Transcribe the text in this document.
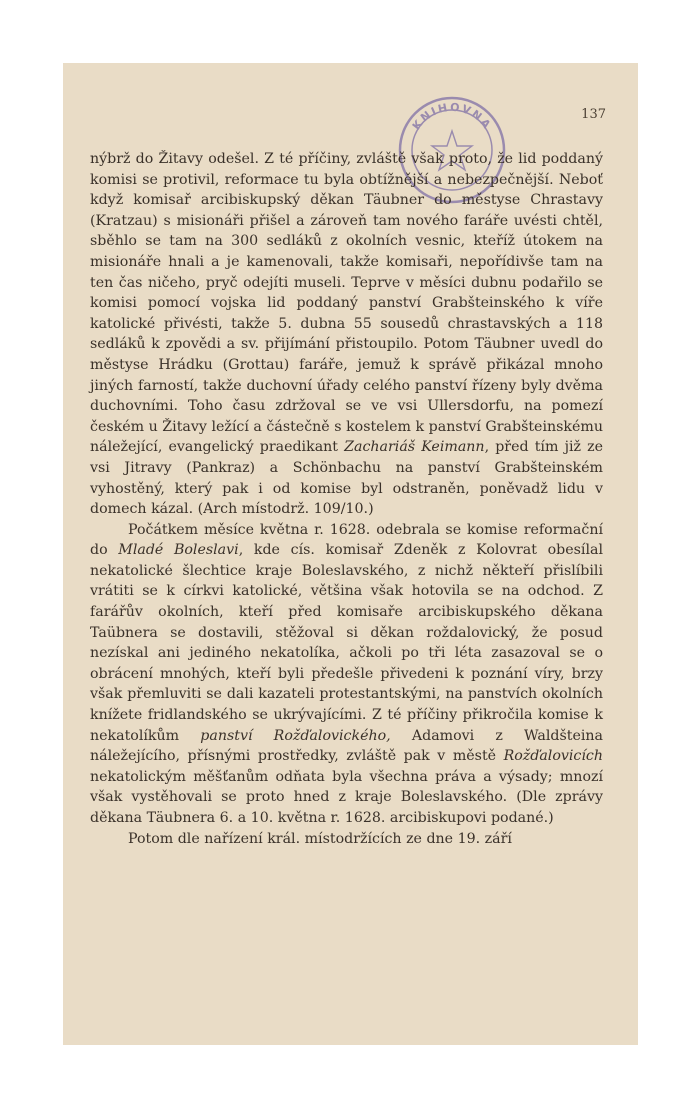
137
KNIHOVNA

nýbrž do Žitavy odešel. Z té příčiny, zvláště však proto, že lid poddaný komisi se protivil, reformace tu byla obtížnější a nebezpečnější. Neboť když komisař arcibiskupský děkan Täubner do městyse Chrastavy (Kratzau) s misionáři přišel a zároveň tam nového faráře uvésti chtěl, sběhlo se tam na 300 sedláků z okolních vesnic, kteříž útokem na misionáře hnali a je kamenovali, takže komisaři, nepořídivše tam na ten čas ničeho, pryč odejíti museli. Teprve v měsíci dubnu podařilo se komisi pomocí vojska lid poddaný panství Grabšteinského k víře katolické přivésti, takže 5. dubna 55 sousedů chrastavských a 118 sedláků k zpovědi a sv. přijímání přistoupilo. Potom Täubner uvedl do městyse Hrádku (Grottau) faráře, jemuž k správě přikázal mnoho jiných farností, takže duchovní úřady celého panství řízeny byly dvěma duchovními. Toho času zdržoval se ve vsi Ullersdorfu, na pomezí českém u Žitavy ležící a částečně s kostelem k panství Grabšteinskému náležející, evangelický praedikant Zachariáš Keimann, před tím již ze vsi Jitravy (Pankraz) a Schönbachu na panství Grabšteinském vyhostěný, který pak i od komise byl odstraněn, poněvadž lidu v domech kázal. (Arch místodrž. 109/10.)

Počátkem měsíce května r. 1628. odebrala se komise reformační do Mladé Boleslavi, kde cís. komisař Zdeněk z Kolovrat obesílal nekatolické šlechtice kraje Boleslavského, z nichž někteří přislíbili vrátiti se k církvi katolické, většina však hotovila se na odchod. Z farářův okolních, kteří před komisaře arcibiskupského děkana Taübnera se dostavili, stěžoval si děkan roždalovický, že posud nezískal ani jediného nekatolíka, ačkoli po tři léta zasazoval se o obrácení mnohých, kteří byli předešle přivedeni k poznání víry, brzy však přemluviti se dali kazateli protestantskými, na panstvích okolních knížete fridlandského se ukrývajícími. Z té příčiny přikročila komise k nekatolíkům panství Rožďalovického, Adamovi z Waldšteina náležejícího, přísnými prostředky, zvláště pak v městě Rožďalovicích nekatolickým měšťanům odňata byla všechna práva a výsady; mnozí však vystěhovali se proto hned z kraje Boleslavského. (Dle zprávy děkana Täubnera 6. a 10. května r. 1628. arcibiskupovi podané.)

Potom dle nařízení král. místodržících ze dne 19. září
